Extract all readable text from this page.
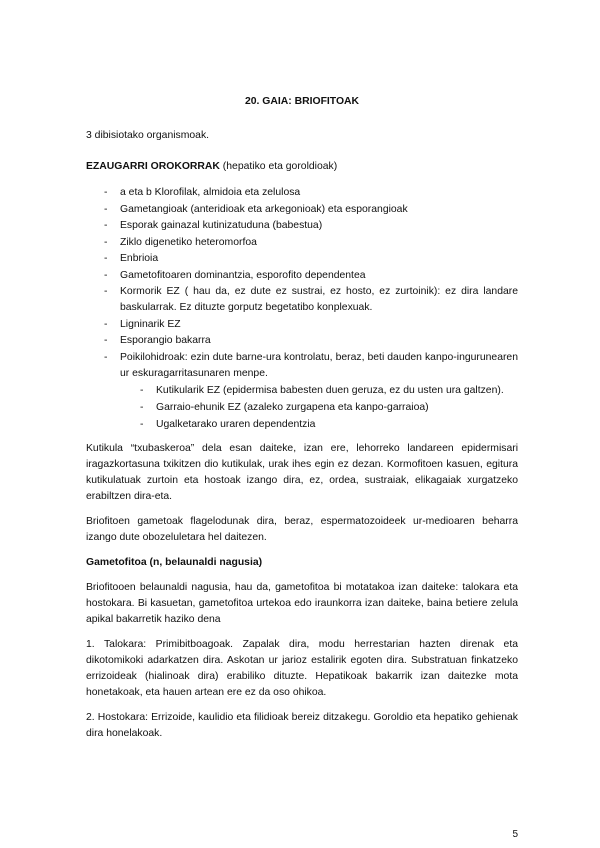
20. GAIA: BRIOFITOAK

3 dibisiotako organismoak.

EZAUGARRI OROKORRAK (hepatiko eta goroldioak)

- a eta b Klorofilak, almidoia eta zelulosa
- Gametangioak (anteridioak eta arkegonioak) eta esporangioak
- Esporak gainazal kutinizatuduna (babestua)
- Ziklo digenetiko heteromorfoa
- Enbrioia
- Gametofitoaren dominantzia, esporofito dependentea
- Kormorik EZ ( hau da, ez dute ez sustrai, ez hosto, ez zurtoinik): ez dira landare baskularrak. Ez dituzte gorputz begetatibo konplexuak.
- Ligninarik EZ
- Esporangio bakarra
- Poikilohidroak: ezin dute barne-ura kontrolatu, beraz, beti dauden kanpo-ingurunearen ur eskuragarritasunaren menpe.
- Kutikularik EZ (epidermisa babesten duen geruza, ez du usten ura galtzen).
- Garraio-ehunik EZ (azaleko zurgapena eta kanpo-garraioa)
- Ugalketarako uraren dependentzia

Kutikula “txubaskeroa” dela esan daiteke, izan ere, lehorreko landareen epidermisari iragazkortasuna txikitzen dio kutikulak, urak ihes egin ez dezan. Kormofitoen kasuen, egitura kutikulatuak zurtoin eta hostoak izango dira, ez, ordea, sustraiak, elikagaiak xurgatzeko erabiltzen dira-eta.

Briofitoen gametoak flagelodunak dira, beraz, espermatozoideek ur-medioaren beharra izango dute obozeluletara hel daitezen.

Gametofitoa (n, belaunaldi nagusia)

Briofitooen belaunaldi nagusia, hau da, gametofitoa bi motatakoa izan daiteke: talokara eta hostokara. Bi kasuetan, gametofitoa urtekoa edo iraunkorra izan daiteke, baina betiere zelula apikal bakarretik haziko dena

1. Talokara: Primibitboagoak. Zapalak dira, modu herrestarian hazten direnak eta dikotomikoki adarkatzen dira. Askotan ur jarioz estalirik egoten dira. Substratuan finkatzeko errizoideak (hialinoak dira) erabiliko dituzte. Hepatikoak bakarrik izan daitezke mota honetakoak, eta hauen artean ere ez da oso ohikoa.

2. Hostokara: Errizoide, kaulidio eta filidioak bereiz ditzakegu. Goroldio eta hepatiko gehienak dira honelakoak.

5
